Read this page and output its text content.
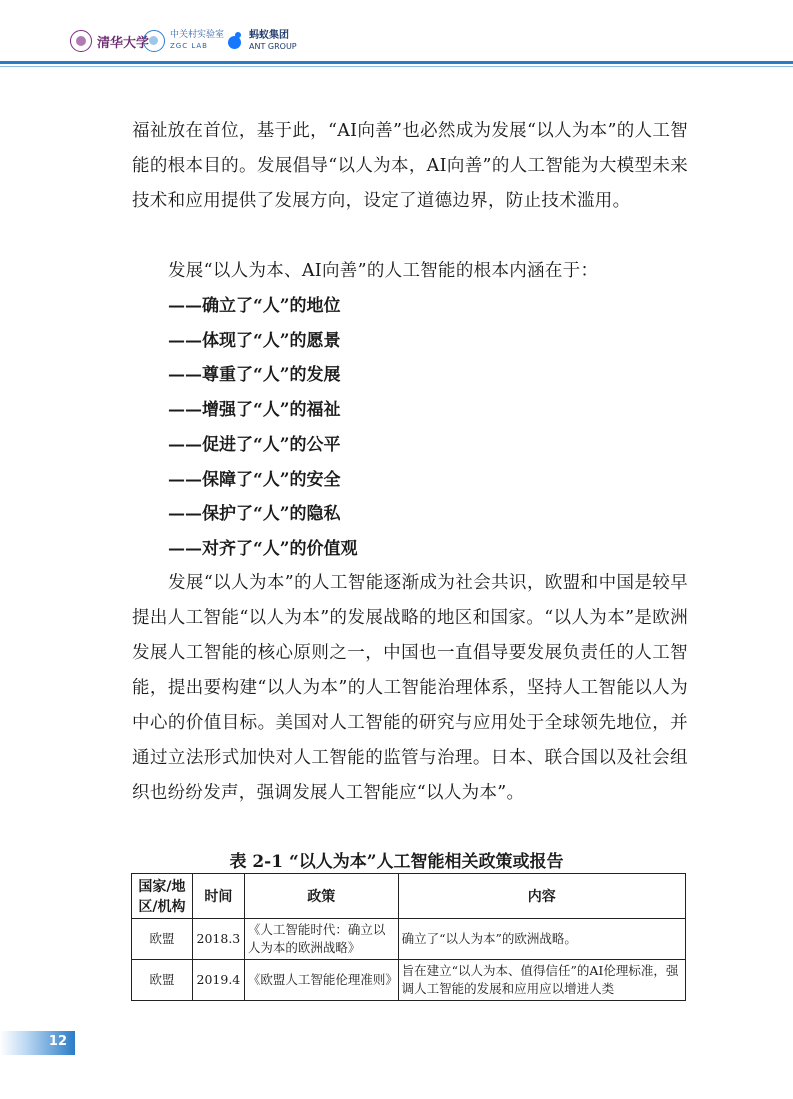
清华大学
中关村实验室
ZGC LAB
蚂蚁集团
ANT GROUP

福祉放在首位，基于此，“AI向善”也必然成为发展“以人为本”的人工智能的根本目的。发展倡导“以人为本，AI向善”的人工智能为大模型未来技术和应用提供了发展方向，设定了道德边界，防止技术滥用。

发展“以人为本、AI向善”的人工智能的根本内涵在于：

——确立了“人”的地位
——体现了“人”的愿景
——尊重了“人”的发展
——增强了“人”的福祉
——促进了“人”的公平
——保障了“人”的安全
——保护了“人”的隐私
——对齐了“人”的价值观

发展“以人为本”的人工智能逐渐成为社会共识，欧盟和中国是较早提出人工智能“以人为本”的发展战略的地区和国家。“以人为本”是欧洲发展人工智能的核心原则之一，中国也一直倡导要发展负责任的人工智能，提出要构建“以人为本”的人工智能治理体系，坚持人工智能以人为中心的价值目标。美国对人工智能的研究与应用处于全球领先地位，并通过立法形式加快对人工智能的监管与治理。日本、联合国以及社会组织也纷纷发声，强调发展人工智能应“以人为本”。

表 2-1 “以人为本”人工智能相关政策或报告
国家/地区/机构	时间	政策	内容
欧盟	2018.3	《人工智能时代：确立以人为本的欧洲战略》	确立了“以人为本”的欧洲战略。
欧盟	2019.4	《欧盟人工智能伦理准则》	旨在建立“以人为本、值得信任”的AI伦理标准，强调人工智能的发展和应用应以增进人类
12
